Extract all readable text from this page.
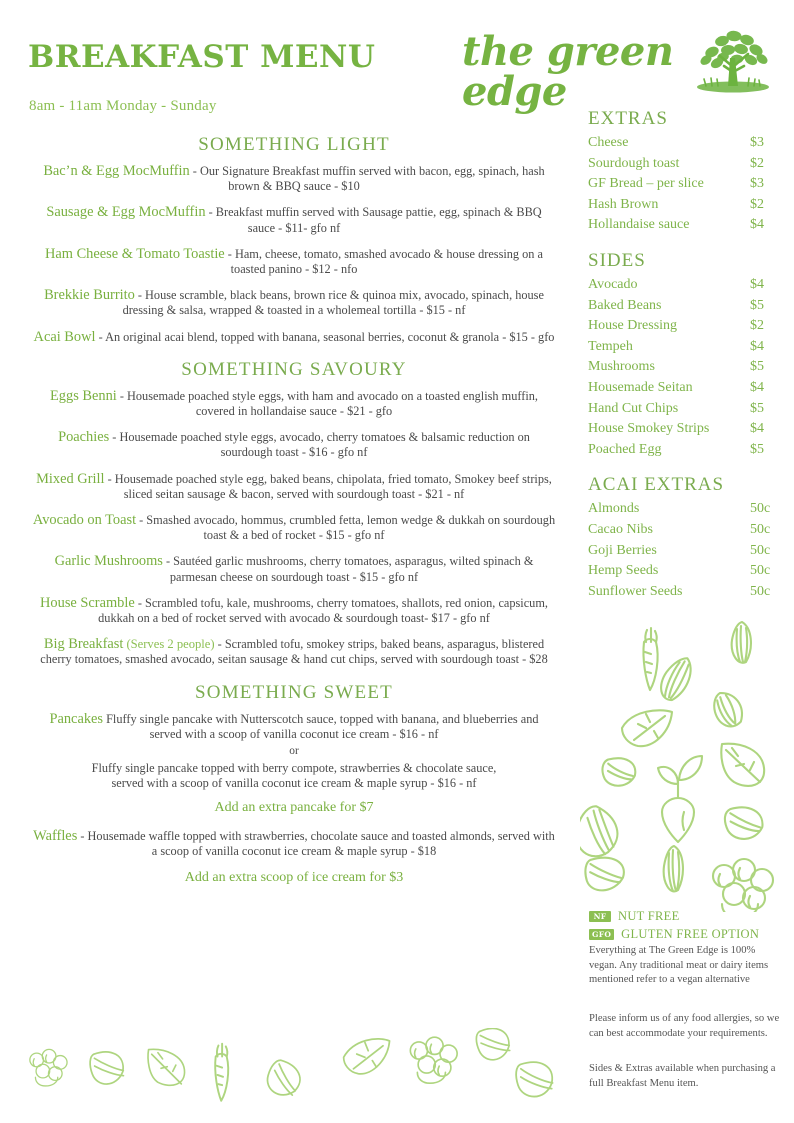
BREAKFAST MENU
8am - 11am Monday - Sunday
the green edge
SOMETHING LIGHT
Bac’n & Egg MocMuffin - Our Signature Breakfast muffin served with bacon, egg, spinach, hash brown & BBQ sauce - $10
Sausage & Egg MocMuffin - Breakfast muffin served with Sausage pattie, egg, spinach & BBQ sauce - $11- gfo nf
Ham Cheese & Tomato Toastie - Ham, cheese, tomato, smashed avocado & house dressing on a toasted panino - $12 - nfo
Brekkie Burrito - House scramble, black beans, brown rice & quinoa mix, avocado, spinach, house dressing & salsa, wrapped & toasted in a wholemeal tortilla - $15 - nf
Acai Bowl - An original acai blend, topped with banana, seasonal berries, coconut & granola - $15 - gfo
SOMETHING SAVOURY
Eggs Benni - Housemade poached style eggs, with ham and avocado on a toasted english muffin, covered in hollandaise sauce - $21 - gfo
Poachies - Housemade poached style eggs, avocado, cherry tomatoes & balsamic reduction on sourdough toast - $16 - gfo nf
Mixed Grill - Housemade poached style egg, baked beans, chipolata, fried tomato, Smokey beef strips, sliced seitan sausage & bacon, served with sourdough toast - $21 - nf
Avocado on Toast - Smashed avocado, hommus, crumbled fetta, lemon wedge & dukkah on sourdough toast & a bed of rocket - $15 - gfo nf
Garlic Mushrooms - Sautéed garlic mushrooms, cherry tomatoes, asparagus, wilted spinach & parmesan cheese on sourdough toast - $15 - gfo nf
House Scramble - Scrambled tofu, kale, mushrooms, cherry tomatoes, shallots, red onion, capsicum, dukkah on a bed of rocket served with avocado & sourdough toast- $17 - gfo nf
Big Breakfast (Serves 2 people) - Scrambled tofu, smokey strips, baked beans, asparagus, blistered cherry tomatoes, smashed avocado, seitan sausage & hand cut chips, served with sourdough toast - $28
SOMETHING SWEET
Pancakes Fluffy single pancake with Nutterscotch sauce, topped with banana, and blueberries and served with a scoop of vanilla coconut ice cream - $16 - nf
or
Fluffy single pancake topped with berry compote, strawberries & chocolate sauce, served with a scoop of vanilla coconut ice cream & maple syrup - $16 - nf
Add an extra pancake for $7
Waffles - Housemade waffle topped with strawberries, chocolate sauce and toasted almonds, served with a scoop of vanilla coconut ice cream & maple syrup - $18
Add an extra scoop of ice cream for $3
EXTRAS
Cheese	$3
Sourdough toast	$2
GF Bread – per slice	$3
Hash Brown	$2
Hollandaise sauce	$4
SIDES
Avocado	$4
Baked Beans	$5
House Dressing	$2
Tempeh	$4
Mushrooms	$5
Housemade Seitan	$4
Hand Cut Chips	$5
House Smokey Strips	$4
Poached Egg	$5
ACAI EXTRAS
Almonds	50c
Cacao Nibs	50c
Goji Berries	50c
Hemp Seeds	50c
Sunflower Seeds	50c
NF NUT FREE
GFO GLUTEN FREE OPTION
Everything at The Green Edge is 100% vegan. Any traditional meat or dairy items mentioned refer to a vegan alternative
Please inform us of any food allergies, so we can best accommodate your requirements.
Sides & Extras available when purchasing a full Breakfast Menu item.
